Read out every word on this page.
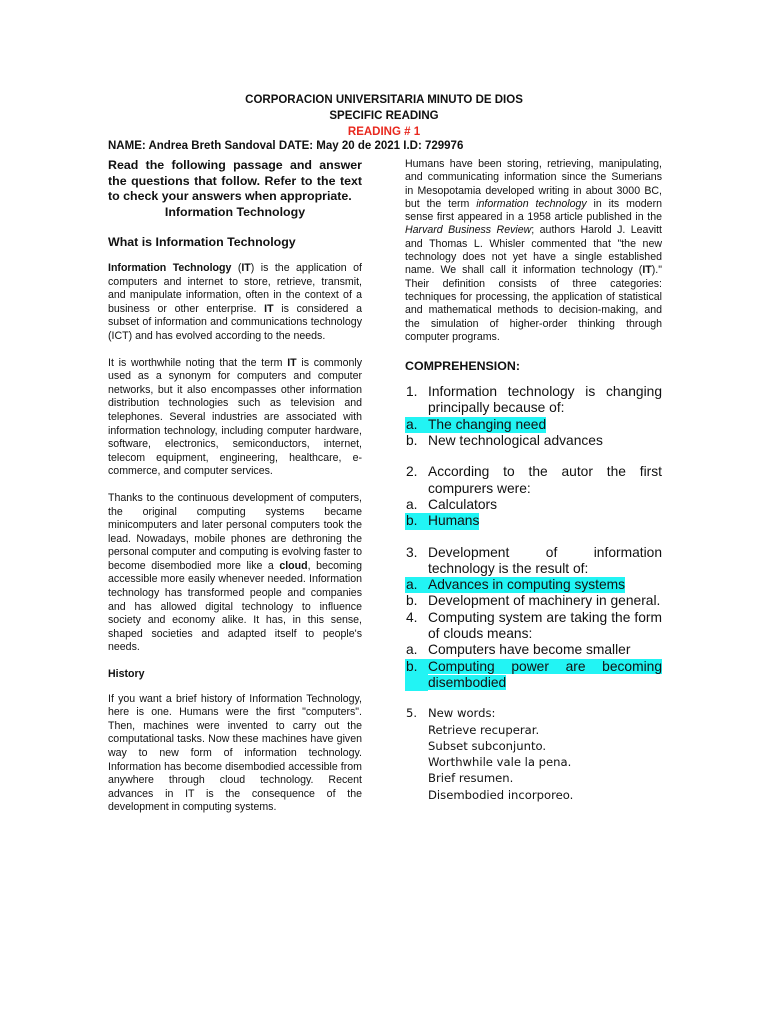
CORPORACION UNIVERSITARIA MINUTO DE DIOS
SPECIFIC READING
READING # 1
NAME: Andrea Breth Sandoval DATE: May 20 de 2021 I.D: 729976

Read the following passage and answer the questions that follow. Refer to the text to check your answers when appropriate.

Information Technology

What is Information Technology

Information Technology (IT) is the application of computers and internet to store, retrieve, transmit, and manipulate information, often in the context of a business or other enterprise. IT is considered a subset of information and communications technology (ICT) and has evolved according to the needs.

It is worthwhile noting that the term IT is commonly used as a synonym for computers and computer networks, but it also encompasses other information distribution technologies such as television and telephones. Several industries are associated with information technology, including computer hardware, software, electronics, semiconductors, internet, telecom equipment, engineering, healthcare, e-commerce, and computer services.

Thanks to the continuous development of computers, the original computing systems became minicomputers and later personal computers took the lead. Nowadays, mobile phones are dethroning the personal computer and computing is evolving faster to become disembodied more like a cloud, becoming accessible more easily whenever needed. Information technology has transformed people and companies and has allowed digital technology to influence society and economy alike. It has, in this sense, shaped societies and adapted itself to people's needs.

History

If you want a brief history of Information Technology, here is one. Humans were the first "computers". Then, machines were invented to carry out the computational tasks. Now these machines have given way to new form of information technology. Information has become disembodied accessible from anywhere through cloud technology. Recent advances in IT is the consequence of the development in computing systems.

Humans have been storing, retrieving, manipulating, and communicating information since the Sumerians in Mesopotamia developed writing in about 3000 BC, but the term information technology in its modern sense first appeared in a 1958 article published in the Harvard Business Review; authors Harold J. Leavitt and Thomas L. Whisler commented that "the new technology does not yet have a single established name. We shall call it information technology (IT)." Their definition consists of three categories: techniques for processing, the application of statistical and mathematical methods to decision-making, and the simulation of higher-order thinking through computer programs.

COMPREHENSION:
1. Information technology is changing principally because of:
a. The changing need
b. New technological advances
2. According to the autor the first compurers were:
a. Calculators
b. Humans
3. Development of information technology is the result of:
a. Advances in computing systems
b. Development of machinery in general.
4. Computing system are taking the form of clouds means:
a. Computers have become smaller
b. Computing power are becoming disembodied
5. New words:
Retrieve recuperar.
Subset subconjunto.
Worthwhile vale la pena.
Brief resumen.
Disembodied incorporeo.
